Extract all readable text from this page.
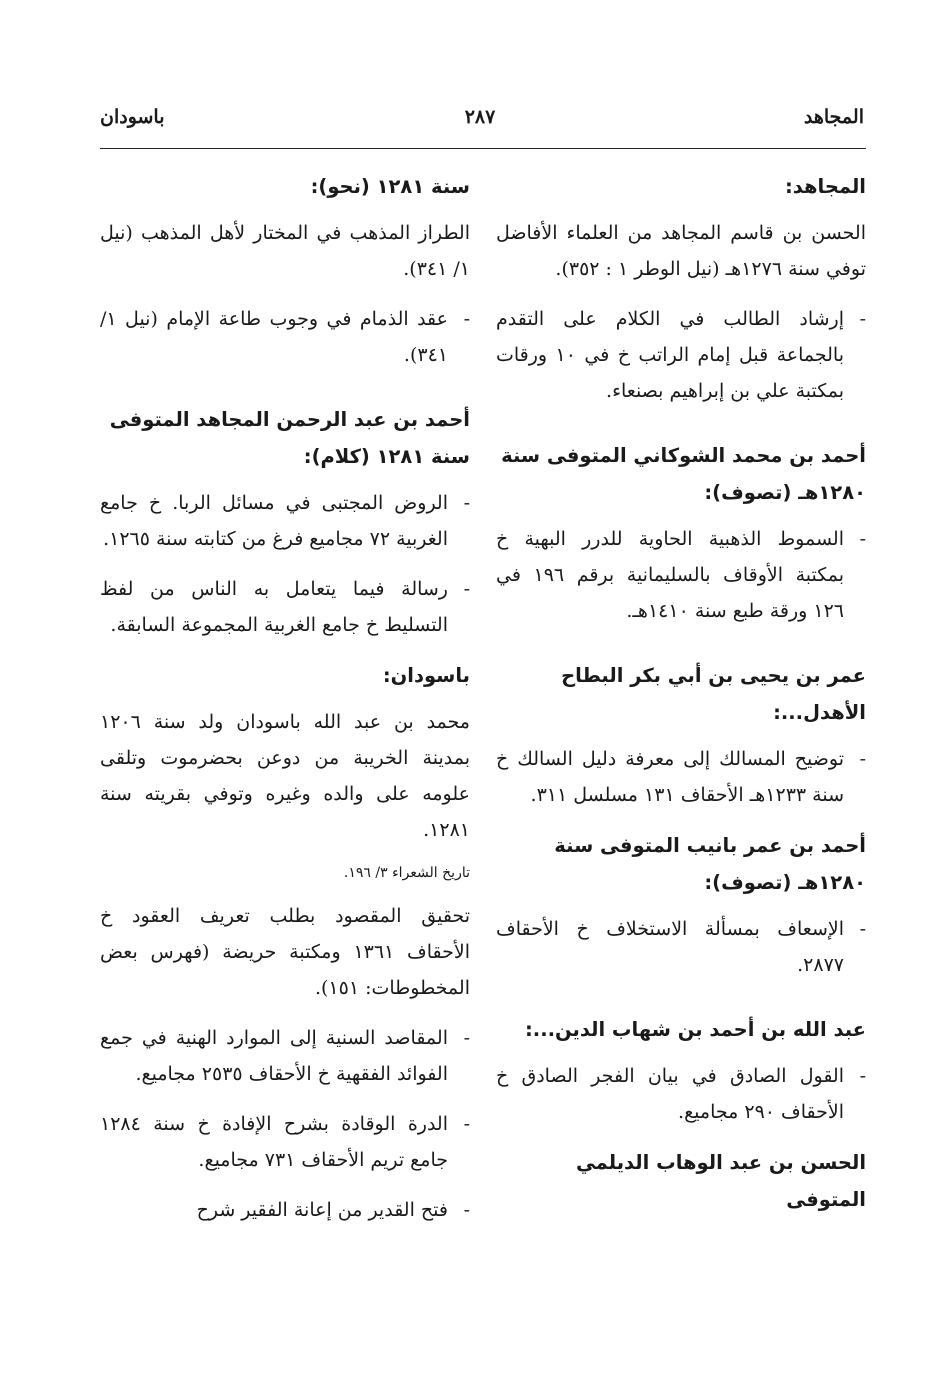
المجاهد
٢٨٧
باسودان
المجاهد:
الحسن بن قاسم المجاهد من العلماء الأفاضل توفي سنة ١٢٧٦هـ (نيل الوطر ١ : ٣٥٢).
-
إرشاد الطالب في الكلام على التقدم بالجماعة قبل إمام الراتب خ في ١٠ ورقات بمكتبة علي بن إبراهيم بصنعاء.
أحمد بن محمد الشوكاني المتوفى سنة ١٢٨٠هـ (تصوف):
-
السموط الذهبية الحاوية للدرر البهية خ بمكتبة الأوقاف بالسليمانية برقم ١٩٦ في ١٢٦ ورقة طبع سنة ١٤١٠هـ.
عمر بن يحيى بن أبي بكر البطاح الأهدل...:
-
توضيح المسالك إلى معرفة دليل السالك خ سنة ١٢٣٣هـ الأحقاف ١٣١ مسلسل ٣١١.
أحمد بن عمر بانيب المتوفى سنة ١٢٨٠هـ (تصوف):
-
الإسعاف بمسألة الاستخلاف خ الأحقاف ٢٨٧٧.
عبد الله بن أحمد بن شهاب الدين...:
-
القول الصادق في بيان الفجر الصادق خ الأحقاف ٢٩٠ مجاميع.
الحسن بن عبد الوهاب الديلمي المتوفى
سنة ١٢٨١ (نحو):
الطراز المذهب في المختار لأهل المذهب (نيل ١/ ٣٤١).
-
عقد الذمام في وجوب طاعة الإمام (نيل ١/ ٣٤١).
أحمد بن عبد الرحمن المجاهد المتوفى سنة ١٢٨١ (كلام):
-
الروض المجتبى في مسائل الربا. خ جامع الغربية ٧٢ مجاميع فرغ من كتابته سنة ١٢٦٥.
-
رسالة فيما يتعامل به الناس من لفظ التسليط خ جامع الغربية المجموعة السابقة.
باسودان:
محمد بن عبد الله باسودان ولد سنة ١٢٠٦ بمدينة الخريبة من دوعن بحضرموت وتلقى علومه على والده وغيره وتوفي بقريته سنة ١٢٨١.
تاريخ الشعراء ٣/ ١٩٦.
تحقيق المقصود بطلب تعريف العقود خ الأحقاف ١٣٦١ ومكتبة حريضة (فهرس بعض المخطوطات: ١٥١).
-
المقاصد السنية إلى الموارد الهنية في جمع الفوائد الفقهية خ الأحقاف ٢٥٣٥ مجاميع.
-
الدرة الوقادة بشرح الإفادة خ سنة ١٢٨٤ جامع تريم الأحقاف ٧٣١ مجاميع.
-
فتح القدير من إعانة الفقير شرح
